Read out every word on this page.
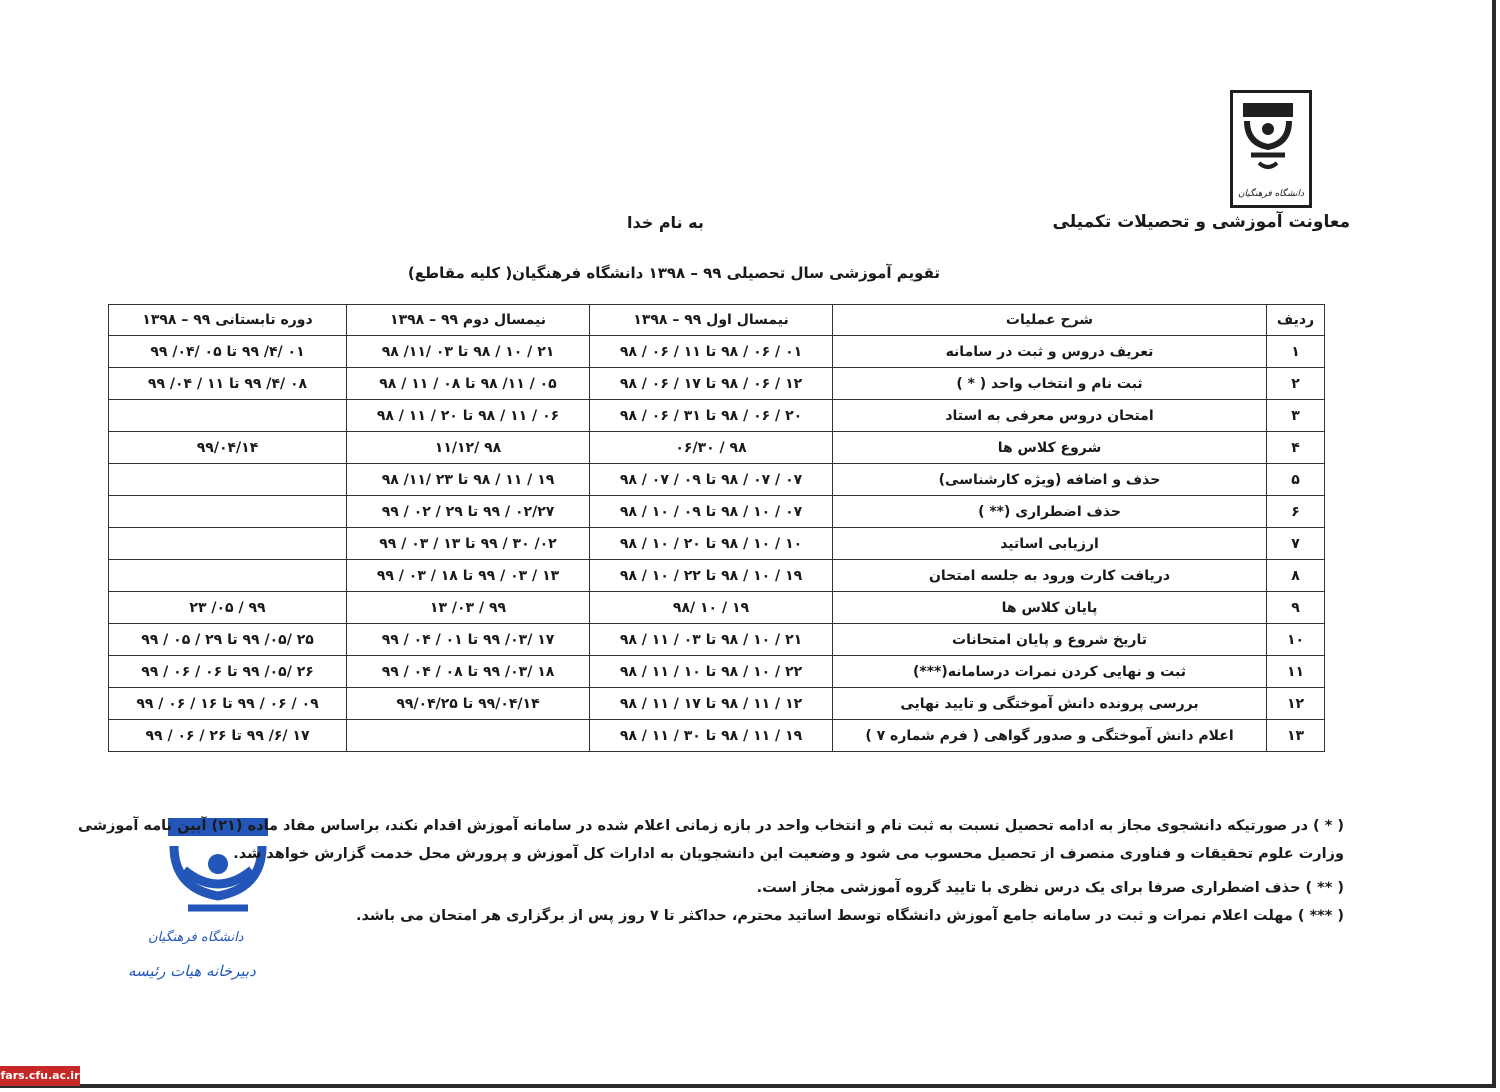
دانشگاه فرهنگیان
معاونت آموزشی و تحصیلات تکمیلی
به نام خدا
تقویم آموزشی سال تحصیلی ۹۹ – ۱۳۹۸ دانشگاه فرهنگیان( کلیه مقاطع)
ردیف	شرح عملیات	نیمسال اول ۹۹ – ۱۳۹۸	نیمسال دوم ۹۹ – ۱۳۹۸	دوره تابستانی ۹۹ – ۱۳۹۸
۱	تعریف دروس و ثبت در سامانه	۰۱ / ۰۶ / ۹۸ تا ۱۱ / ۰۶ / ۹۸	۲۱ / ۱۰ / ۹۸ تا ۰۳ /۱۱/ ۹۸	۰۱ /۴/ ۹۹ تا ۰۵ /۰۴/ ۹۹
۲	ثبت نام و انتخاب واحد ( * )	۱۲ / ۰۶ / ۹۸ تا ۱۷ / ۰۶ / ۹۸	۰۵ / ۱۱/ ۹۸ تا ۰۸ / ۱۱ / ۹۸	۰۸ /۴/ ۹۹ تا ۱۱ / ۰۴/ ۹۹
۳	امتحان دروس معرفی به استاد	۲۰ / ۰۶ / ۹۸ تا ۳۱ / ۰۶ / ۹۸	۰۶ / ۱۱ / ۹۸ تا ۲۰ / ۱۱ / ۹۸	
۴	شروع کلاس ها	۹۸ / ۰۶/۳۰	۹۸ /۱۱/۱۲	۹۹/۰۴/۱۴
۵	حذف و اضافه (ویژه کارشناسی)	۰۷ / ۰۷ / ۹۸ تا ۰۹ / ۰۷ / ۹۸	۱۹ / ۱۱ / ۹۸ تا ۲۳ /۱۱/ ۹۸	
۶	حذف اضطراری (** )	۰۷ / ۱۰ / ۹۸ تا ۰۹ / ۱۰ / ۹۸	۰۲/۲۷ / ۹۹ تا ۲۹ / ۰۲ / ۹۹	
۷	ارزیابی اساتید	۱۰ / ۱۰ / ۹۸ تا ۲۰ / ۱۰ / ۹۸	۰۲/ ۳۰ / ۹۹ تا ۱۳ / ۰۳ / ۹۹	
۸	دریافت کارت ورود به جلسه امتحان	۱۹ / ۱۰ / ۹۸ تا ۲۲ / ۱۰ / ۹۸	۱۳ / ۰۳ / ۹۹ تا ۱۸ / ۰۳ / ۹۹	
۹	پایان کلاس ها	۱۹ / ۱۰ /۹۸	۹۹ / ۰۳/ ۱۳	۹۹ / ۰۵/ ۲۳
۱۰	تاریخ شروع و پایان امتحانات	۲۱ / ۱۰ / ۹۸ تا ۰۳ / ۱۱ / ۹۸	۱۷ /۰۳/ ۹۹ تا ۰۱ / ۰۴ / ۹۹	۲۵ /۰۵/ ۹۹ تا ۲۹ / ۰۵ / ۹۹
۱۱	ثبت و نهایی کردن نمرات درسامانه(***)	۲۲ / ۱۰ / ۹۸ تا ۱۰ / ۱۱ / ۹۸	۱۸ /۰۳/ ۹۹ تا ۰۸ / ۰۴ / ۹۹	۲۶ /۰۵/ ۹۹ تا ۰۶ / ۰۶ / ۹۹
۱۲	بررسی پرونده دانش آموختگی و تایید نهایی	۱۲ / ۱۱ / ۹۸ تا ۱۷ / ۱۱ / ۹۸	۹۹/۰۴/۱۴ تا ۹۹/۰۴/۲۵	۰۹ / ۰۶ / ۹۹ تا ۱۶ / ۰۶ / ۹۹
۱۳	اعلام دانش آموختگی و صدور گواهی ( فرم شماره ۷ )	۱۹ / ۱۱ / ۹۸ تا ۳۰ / ۱۱ / ۹۸		۱۷ /۶/ ۹۹ تا ۲۶ / ۰۶ / ۹۹
دانشگاه فرهنگیان
دبیرخانه هیات رئیسه

( * ) در صورتیکه دانشجوی مجاز به ادامه تحصیل نسبت به ثبت نام و انتخاب واحد در بازه زمانی اعلام شده در سامانه آموزش اقدام نکند، براساس مفاد ماده (۲۱) آیین نامه آموزشی وزارت علوم تحقیقات و فناوری منصرف از تحصیل محسوب می شود و وضعیت این دانشجویان به ادارات کل آموزش و پرورش محل خدمت گزارش خواهد شد.

( ** ) حذف اضطراری صرفا برای یک درس نظری با تایید گروه آموزشی مجاز است.

( *** ) مهلت اعلام نمرات و ثبت در سامانه جامع آموزش دانشگاه توسط اساتید محترم، حداکثر تا ۷ روز پس از برگزاری هر امتحان می باشد.

fars.cfu.ac.ir
